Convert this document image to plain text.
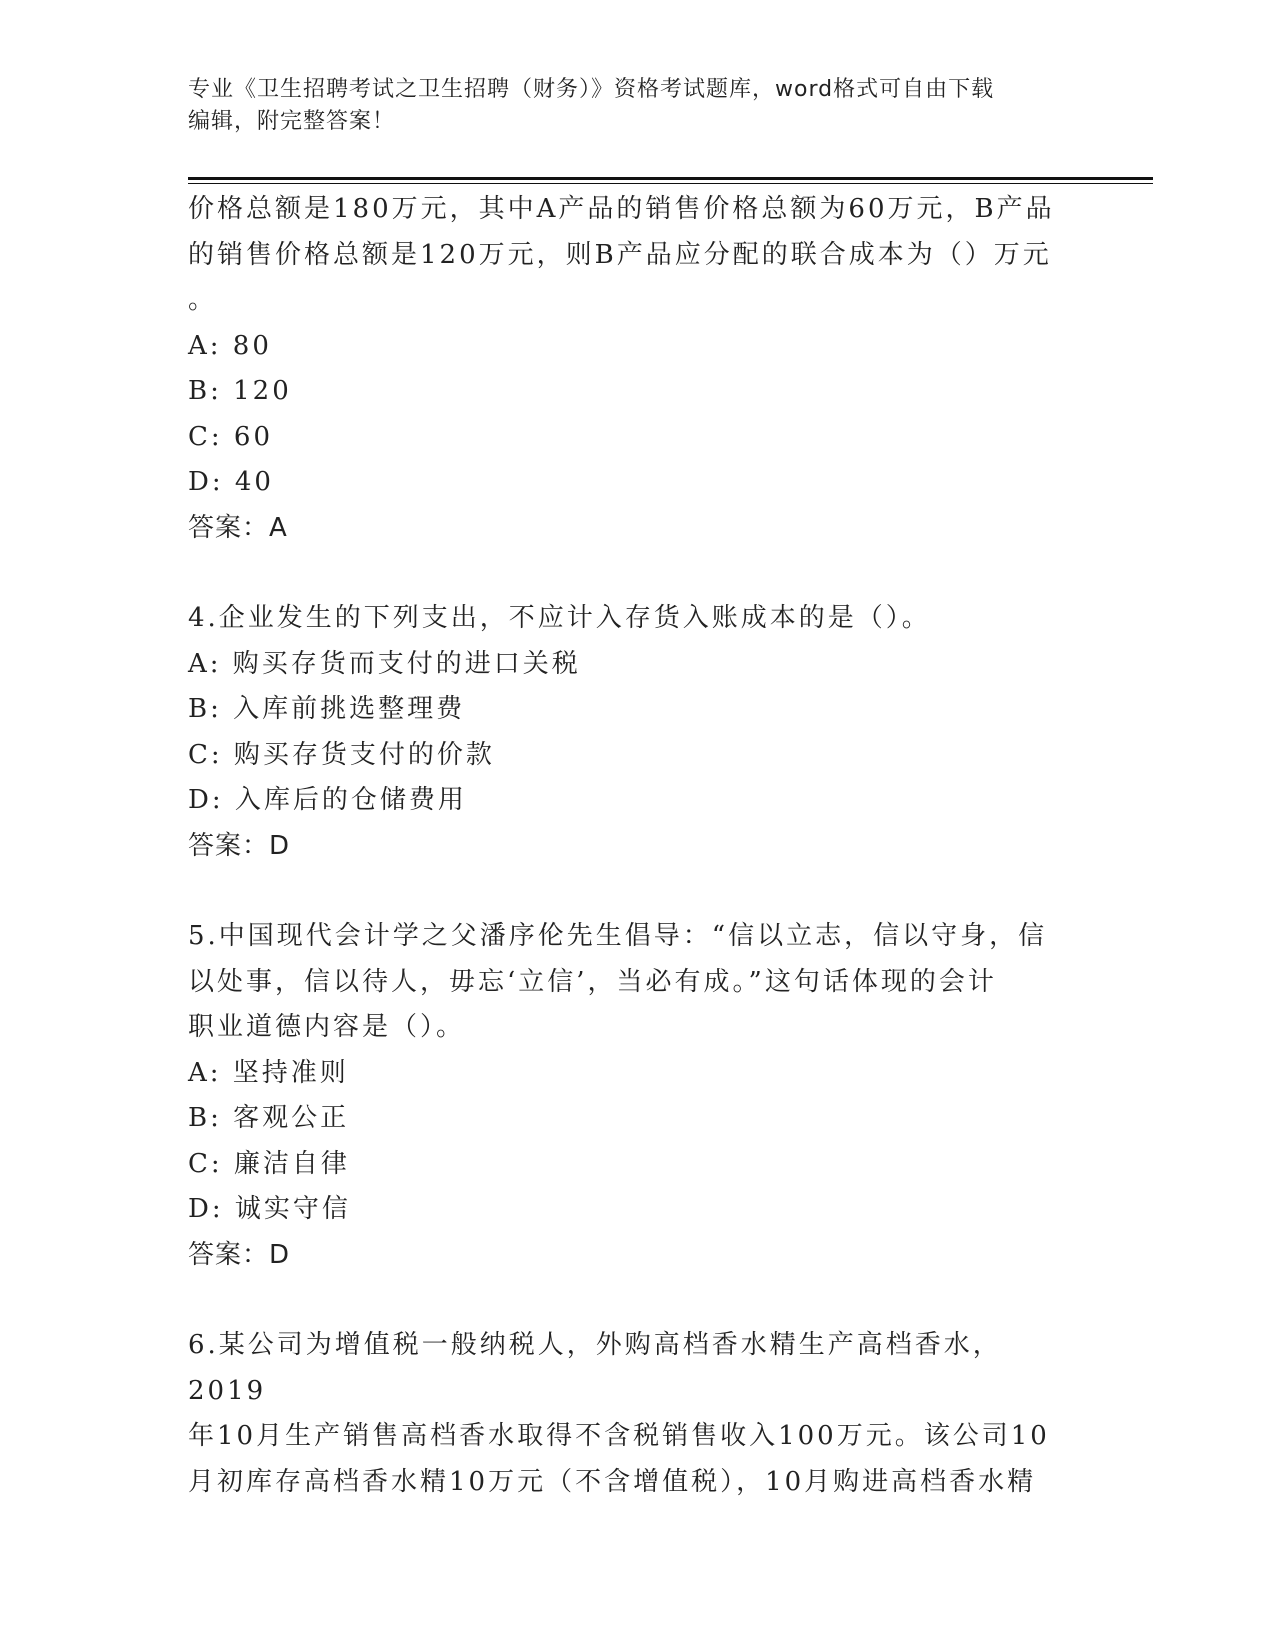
专业《卫生招聘考试之卫生招聘（财务）》资格考试题库，word格式可自由下载
编辑，附完整答案！

价格总额是180万元，其中A产品的销售价格总额为60万元，B产品

的销售价格总额是120万元，则B产品应分配的联合成本为（）万元

。

A: 80

B: 120

C: 60

D: 40

答案：A

4.企业发生的下列支出，不应计入存货入账成本的是（）。

A: 购买存货而支付的进口关税

B: 入库前挑选整理费

C: 购买存货支付的价款

D: 入库后的仓储费用

答案：D

5.中国现代会计学之父潘序伦先生倡导：“信以立志，信以守身，信

以处事，信以待人，毋忘‘立信’，当必有成。”这句话体现的会计

职业道德内容是（）。

A: 坚持准则

B: 客观公正

C: 廉洁自律

D: 诚实守信

答案：D

6.某公司为增值税一般纳税人，外购高档香水精生产高档香水，2019

年10月生产销售高档香水取得不含税销售收入100万元。该公司10

月初库存高档香水精10万元（不含增值税），10月购进高档香水精
